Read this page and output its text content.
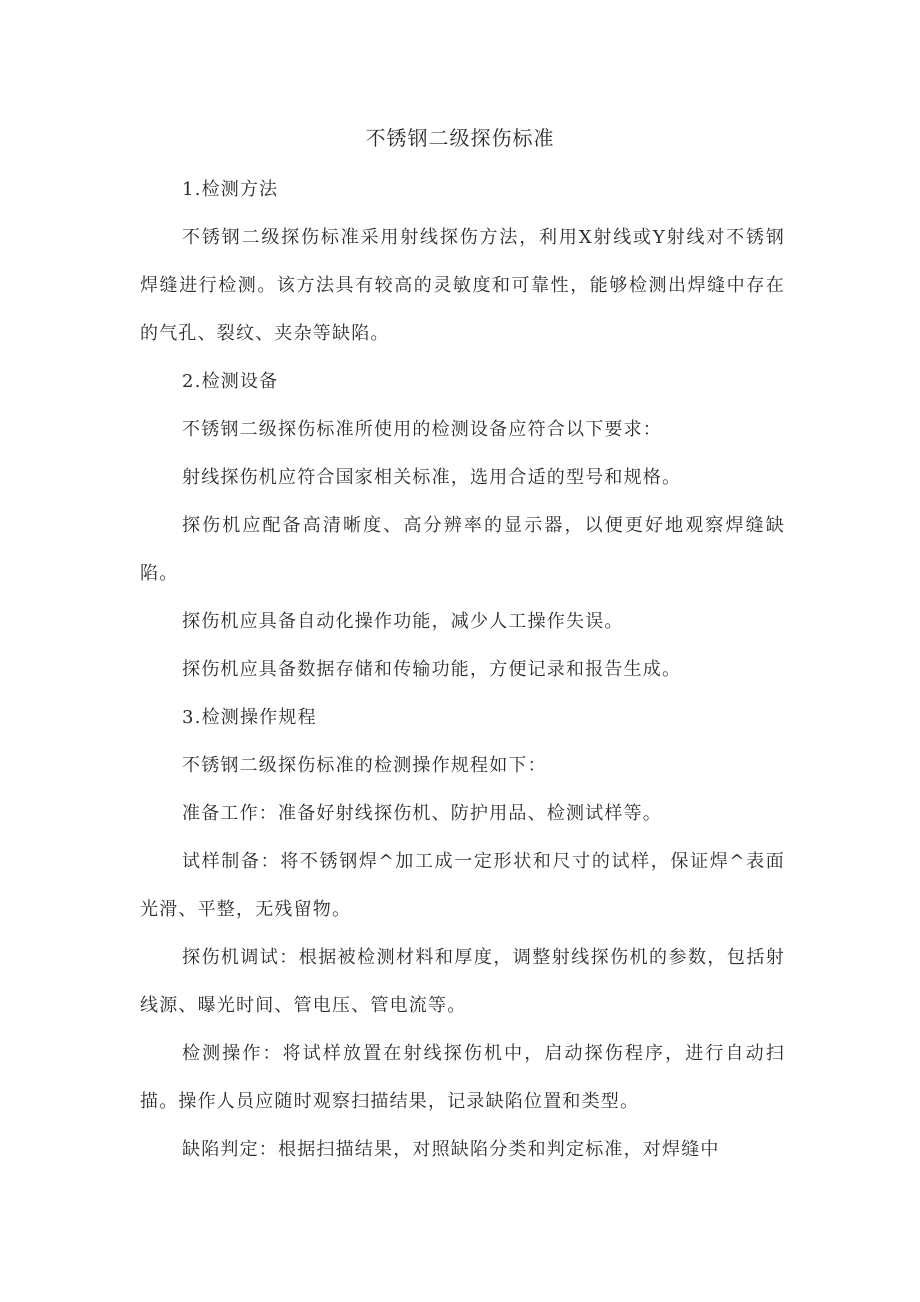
不锈钢二级探伤标准

1.检测方法

不锈钢二级探伤标准采用射线探伤方法，利用X射线或Y射线对不锈钢焊缝进行检测。该方法具有较高的灵敏度和可靠性，能够检测出焊缝中存在的气孔、裂纹、夹杂等缺陷。

2.检测设备

不锈钢二级探伤标准所使用的检测设备应符合以下要求：

射线探伤机应符合国家相关标准，选用合适的型号和规格。

探伤机应配备高清晰度、高分辨率的显示器，以便更好地观察焊缝缺陷。

探伤机应具备自动化操作功能，减少人工操作失误。

探伤机应具备数据存储和传输功能，方便记录和报告生成。

3.检测操作规程

不锈钢二级探伤标准的检测操作规程如下：

准备工作：准备好射线探伤机、防护用品、检测试样等。

试样制备：将不锈钢焊^加工成一定形状和尺寸的试样，保证焊^表面光滑、平整，无残留物。

探伤机调试：根据被检测材料和厚度，调整射线探伤机的参数，包括射线源、曝光时间、管电压、管电流等。

检测操作：将试样放置在射线探伤机中，启动探伤程序，进行自动扫描。操作人员应随时观察扫描结果，记录缺陷位置和类型。

缺陷判定：根据扫描结果，对照缺陷分类和判定标准，对焊缝中
